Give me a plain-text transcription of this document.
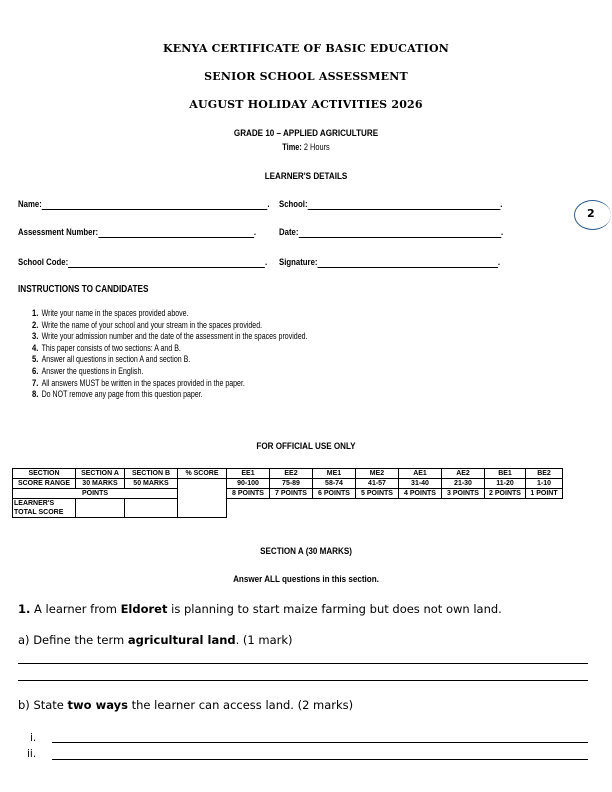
KENYA CERTIFICATE OF BASIC EDUCATION
SENIOR SCHOOL ASSESSMENT
AUGUST HOLIDAY ACTIVITIES 2026
GRADE 10 – APPLIED AGRICULTURE
Time: 2 Hours
LEARNER'S DETAILS
2
Name:	. School:	.
Assessment Number:	. Date:	.
School Code:	. Signature:	.
INSTRUCTIONS TO CANDIDATES
1. Write your name in the spaces provided above.
2. Write the name of your school and your stream in the spaces provided.
3. Write your admission number and the date of the assessment in the spaces provided.
4. This paper consists of two sections: A and B.
5. Answer all questions in section A and section B.
6. Answer the questions in English.
7. All answers MUST be written in the spaces provided in the paper.
8. Do NOT remove any page from this question paper.
FOR OFFICIAL USE ONLY
SECTION	SECTION A	SECTION B	% SCORE	EE1	EE2	ME1	ME2	AE1	AE2	BE1	BE2
SCORE RANGE	30 MARKS	50 MARKS		90-100	75-89	58-74	41-57	31-40	21-30	11-20	1-10
POINTS				8 POINTS	7 POINTS	6 POINTS	5 POINTS	4 POINTS	3 POINTS	2 POINTS	1 POINT
LEARNER'S
TOTAL SCORE											
SECTION A (30 MARKS)
Answer ALL questions in this section.
1. A learner from Eldoret is planning to start maize farming but does not own land.
a) Define the term agricultural land. (1 mark)
b) State two ways the learner can access land. (2 marks)
i.
ii.
